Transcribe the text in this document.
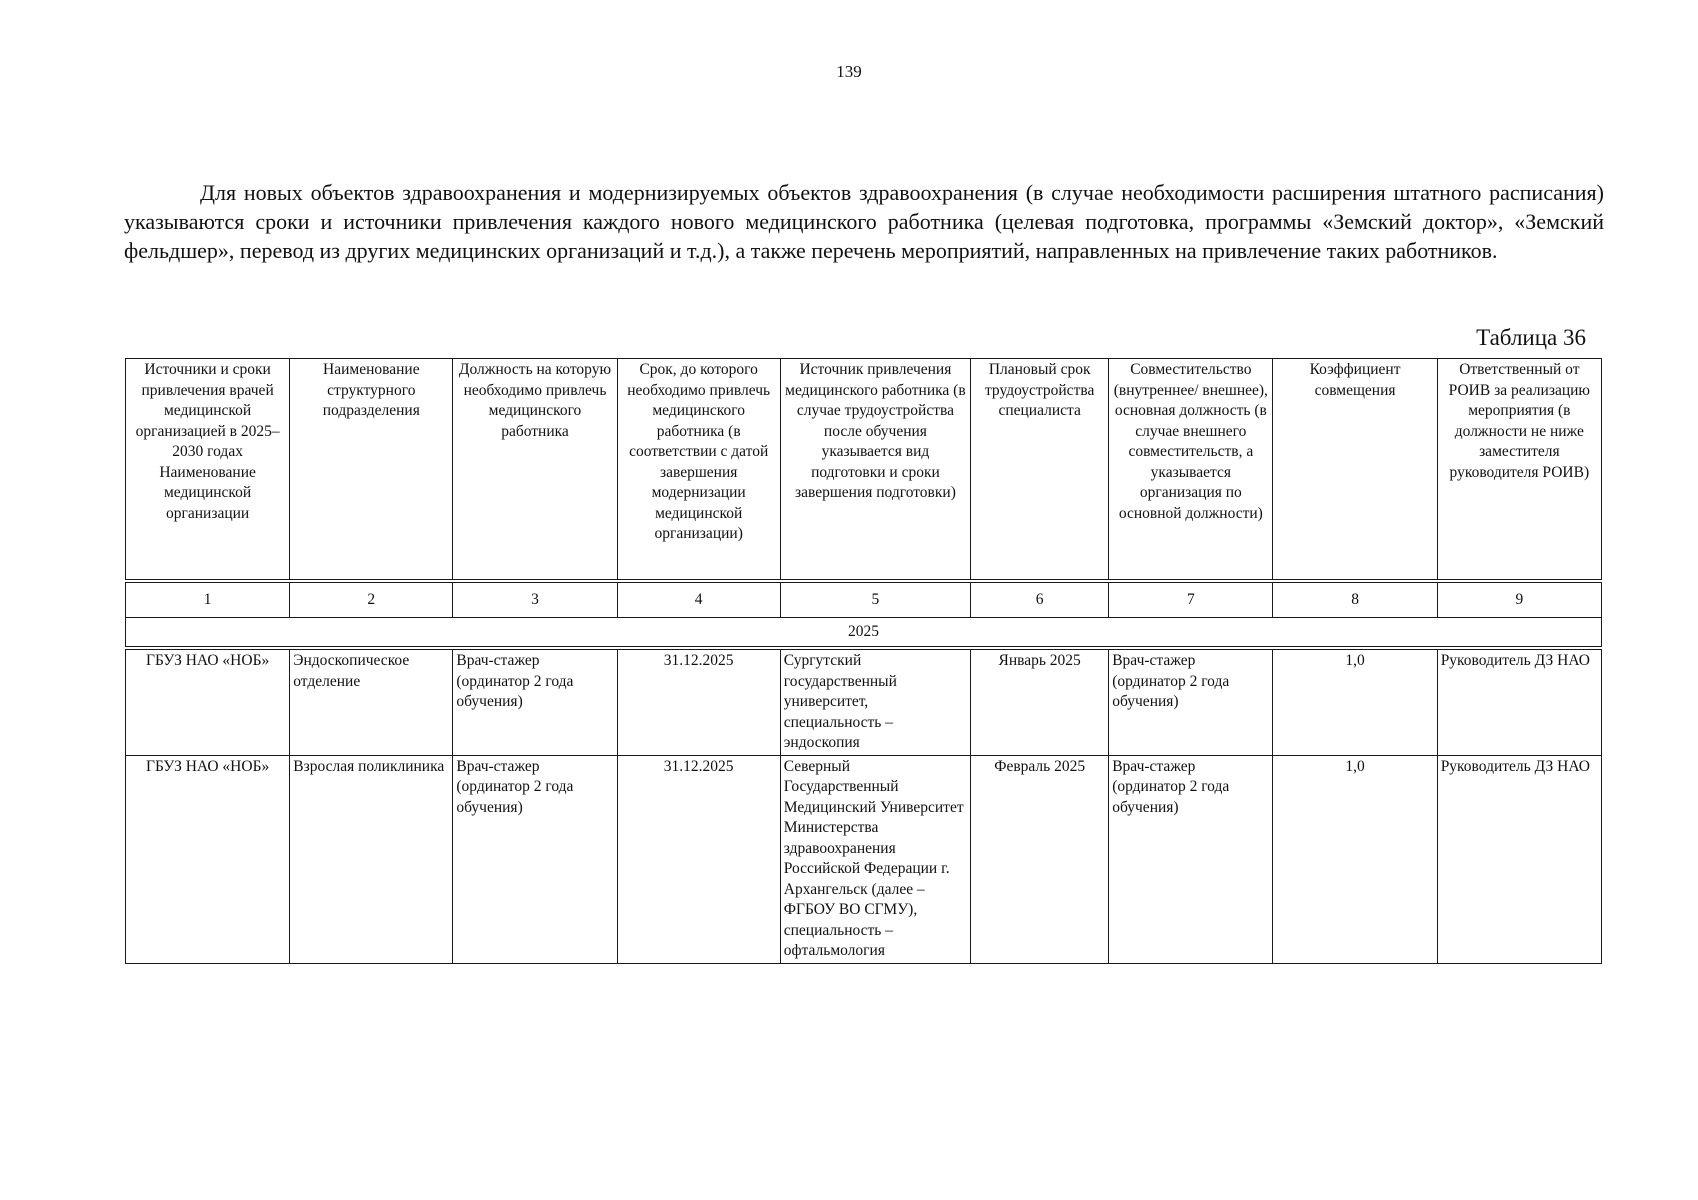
139
Для новых объектов здравоохранения и модернизируемых объектов здравоохранения (в случае необходимости расширения штатного расписания) указываются сроки и источники привлечения каждого нового медицинского работника (целевая подготовка, программы «Земский доктор», «Земский фельдшер», перевод из других медицинских организаций и т.д.), а также перечень мероприятий, направленных на привлечение таких работников.
Таблица 36
Источники и сроки привлечения врачей медицинской организацией в 2025–2030 годах Наименование медицинской организации	Наименование структурного подразделения	Должность на которую необходимо привлечь медицинского работника	Срок, до которого необходимо привлечь медицинского работника (в соответствии с датой завершения модернизации медицинской организации)	Источник привлечения медицинского работника (в случае трудоустройства после обучения указывается вид подготовки и сроки завершения подготовки)	Плановый срок трудоустройства специалиста	Совместительство (внутреннее/ внешнее), основная должность (в случае внешнего совместительств, а указывается организация по основной должности)	Коэффициент совмещения	Ответственный от РОИВ за реализацию мероприятия (в должности не ниже заместителя руководителя РОИВ)

1	2	3	4	5	6	7	8	9
2025								

ГБУЗ НАО «НОБ»	Эндоскопическое отделение	Врач-стажер (ординатор 2 года обучения)	31.12.2025	Сургутский государственный университет, специальность – эндоскопия	Январь 2025	Врач-стажер (ординатор 2 года обучения)	1,0	Руководитель ДЗ НАО
ГБУЗ НАО «НОБ»	Взрослая поликлиника	Врач-стажер (ординатор 2 года обучения)	31.12.2025	Северный Государственный Медицинский Университет Министерства здравоохранения Российской Федерации г. Архангельск (далее – ФГБОУ ВО СГМУ), специальность – офтальмология	Февраль 2025	Врач-стажер (ординатор 2 года обучения)	1,0	Руководитель ДЗ НАО
